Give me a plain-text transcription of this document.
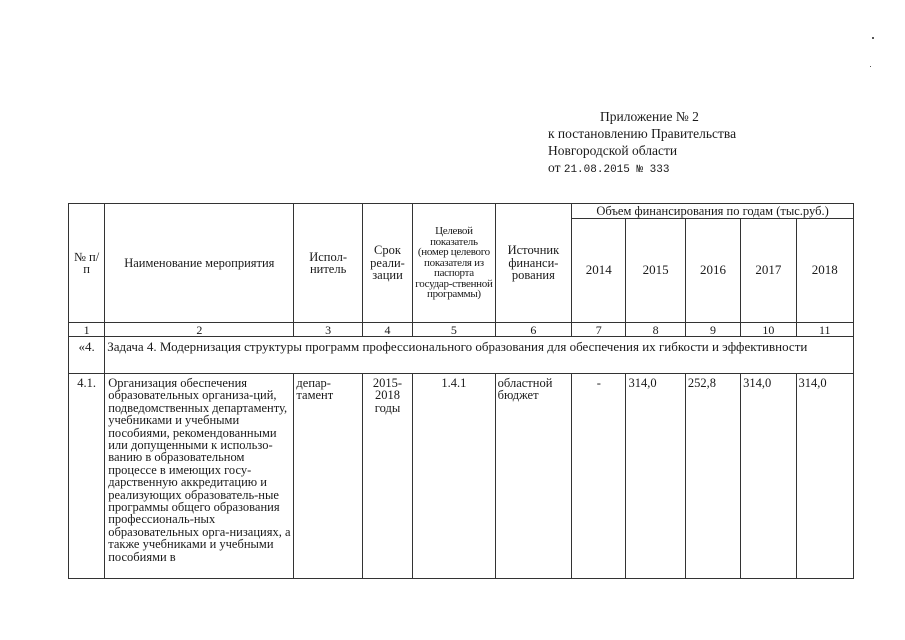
Приложение № 2
к постановлению Правительства
Новгородской области
от 21.08.2015 № 333
№ п/п	Наименование мероприятия	Испол-нитель	Срок реали-зации	Целевой показатель (номер целевого показателя из паспорта государ-ственной программы)	Источник финанси-рования	Объем финансирования по годам (тыс.руб.)				
						2014	2015	2016	2017	2018
1	2	3	4	5	6	7	8	9	10	11
«4.	Задача 4. Модернизация структуры программ профессионального образования для обеспечения их гибкости и эффективности									
4.1.	Организация обеспечения образовательных организа-ций, подведомственных департаменту, учебниками и учебными пособиями, рекомендованными или допущенными к использо-ванию в образовательном процессе в имеющих госу-дарственную аккредитацию и реализующих образователь-ные программы общего образования профессиональ-ных образовательных орга-низациях, а также учебниками и учебными пособиями в	депар-тамент	2015-2018 годы	1.4.1	областной бюджет	-	314,0	252,8	314,0	314,0
